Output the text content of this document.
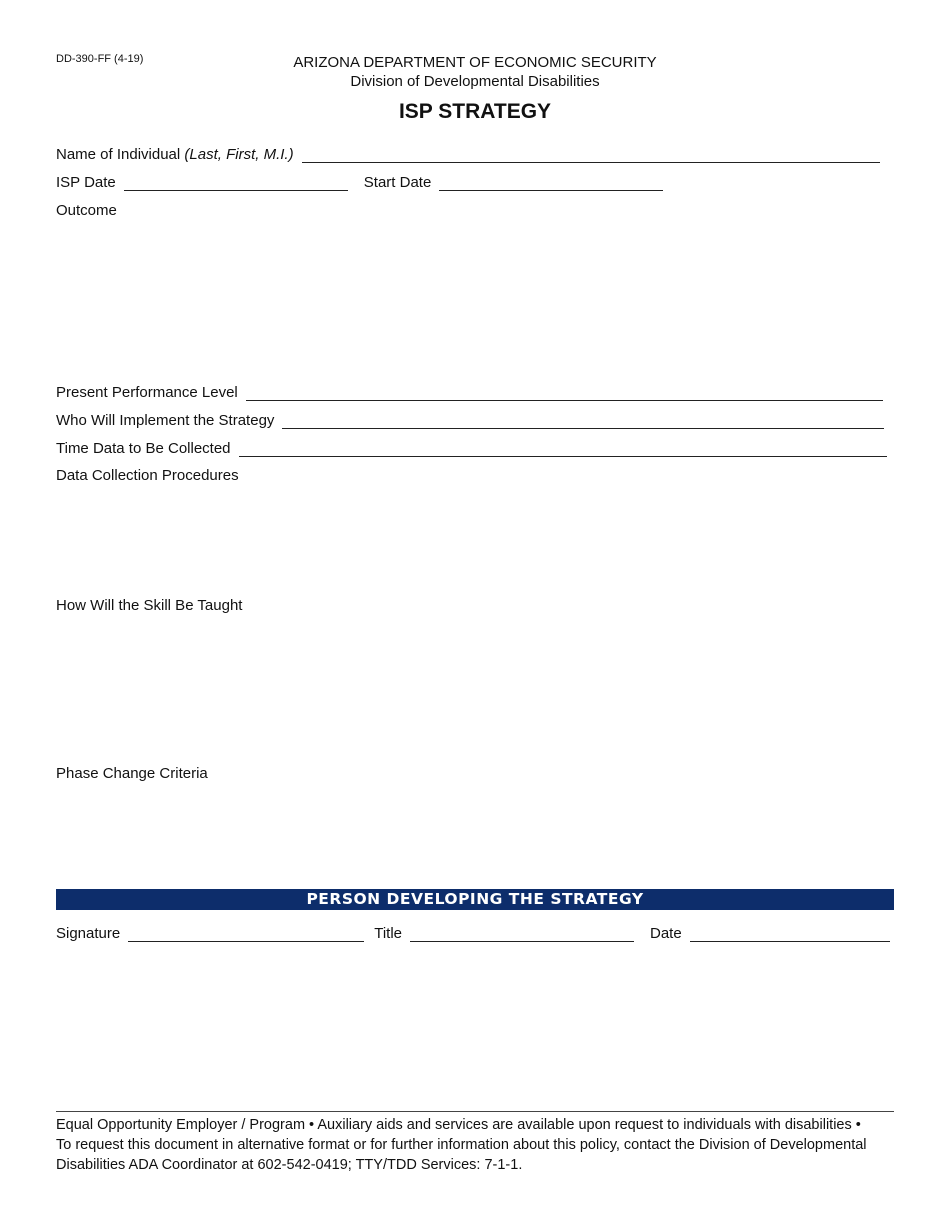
DD-390-FF (4-19)	ARIZONA DEPARTMENT OF ECONOMIC SECURITY
Division of Developmental Disabilities
ISP STRATEGY
Name of Individual (Last, First, M.I.)
ISP Date	Start Date
Outcome
Present Performance Level
Who Will Implement the Strategy
Time Data to Be Collected
Data Collection Procedures
How Will the Skill Be Taught
Phase Change Criteria
PERSON DEVELOPING THE STRATEGY
Signature	Title	Date
Equal Opportunity Employer / Program • Auxiliary aids and services are available upon request to individuals with disabilities •
To request this document in alternative format or for further information about this policy, contact the Division of Developmental
Disabilities ADA Coordinator at 602-542-0419; TTY/TDD Services: 7-1-1.
